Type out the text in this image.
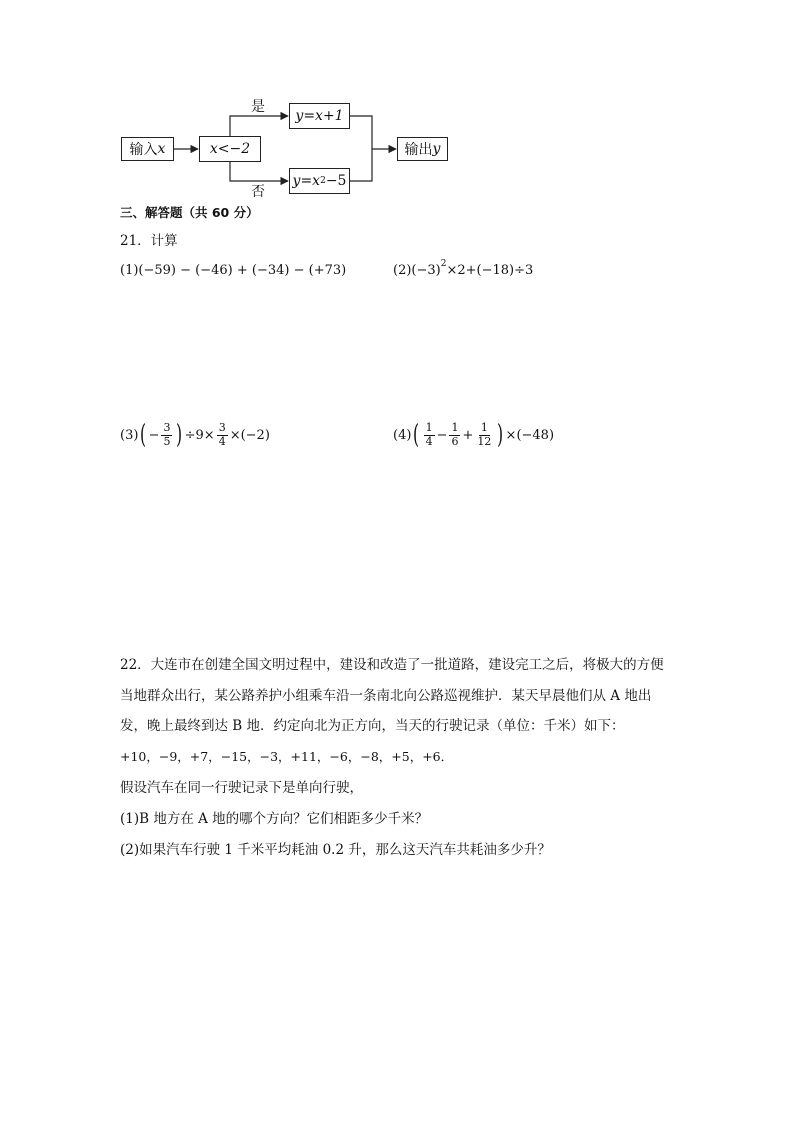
输入 x	x<−2
是
否
y=x+1
y=x 2 −5
输出 y
三、解答题（共 60 分）
21．计算
(1) (−59) − (−46) + (−34) − (+73)	(2) $(-3)^2 \times 2+(-18)\div 3$
(3) ( − $\frac{3}{5}$ ) $\div 9\times \frac{3}{4} \times(-2)$	(4) ( $\frac{1}{4} - \frac{1}{6} + \frac{1}{12}$ ) ×(−48)
22．大连市在创建全国文明过程中，建设和改造了一批道路，建设完工之后，将极大的方便
当地群众出行，某公路养护小组乘车沿一条南北向公路巡视维护．某天早晨他们从 A 地出
发，晚上最终到达 B 地．约定向北为正方向，当天的行驶记录（单位：千米）如下：
+10，−9，+7，−15，−3，+11，−6，−8，+5，+6．
假设汽车在同一行驶记录下是单向行驶，
(1)B 地方在 A 地的哪个方向？它们相距多少千米？
(2)如果汽车行驶 1 千米平均耗油 0.2 升，那么这天汽车共耗油多少升？
